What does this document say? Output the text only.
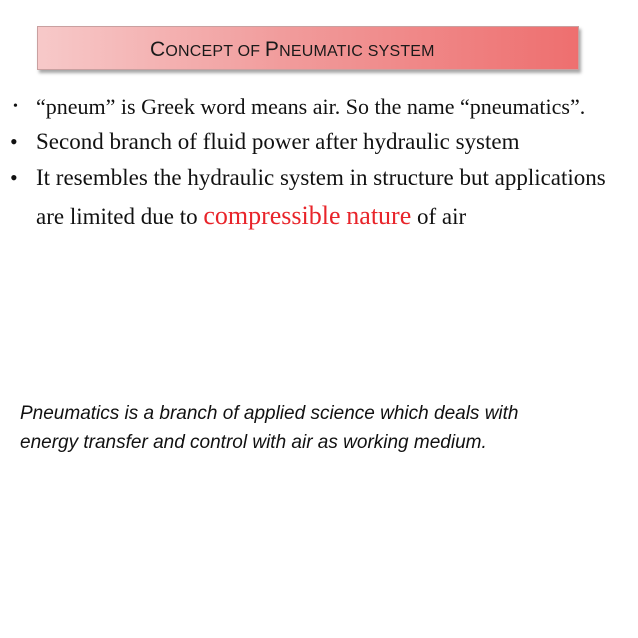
CONCEPT OF PNEUMATIC SYSTEM
• “pneum” is Greek word means air. So the name “pneumatics”.
• Second branch of fluid power after hydraulic system
• It resembles the hydraulic system in structure but applications are limited due to compressible nature of air
Pneumatics is a branch of applied science which deals with energy transfer and control with air as working medium.
